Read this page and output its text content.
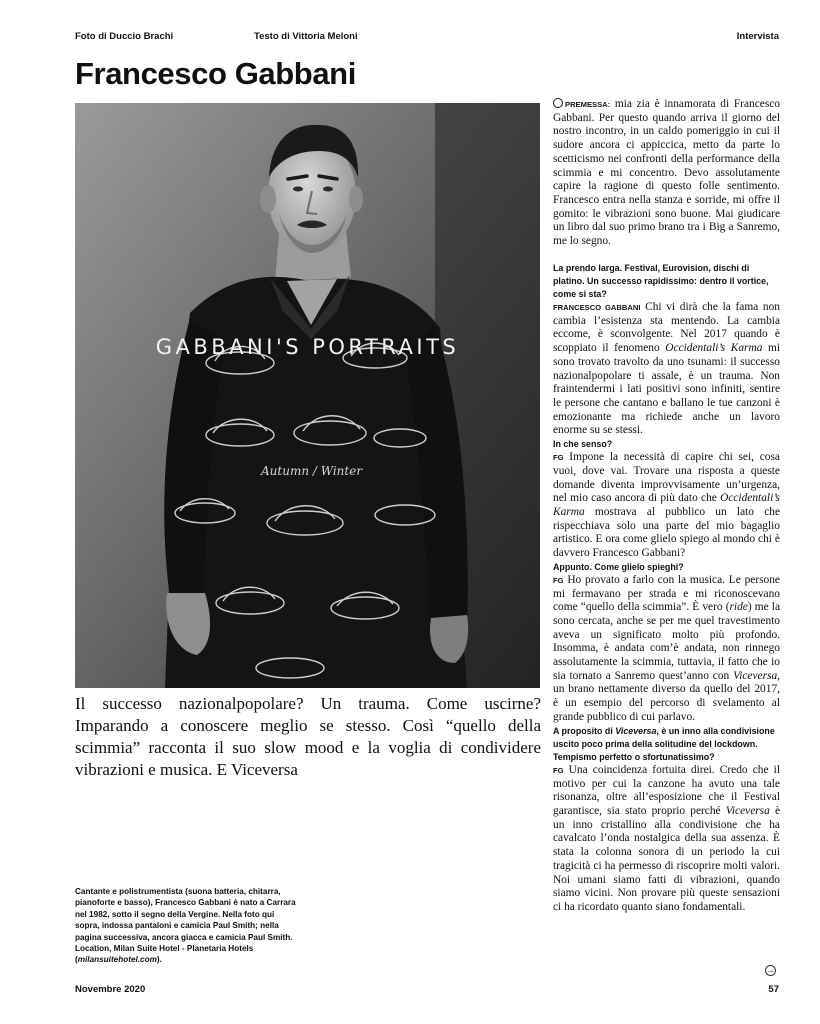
Foto di Duccio Brachi	Testo di Vittoria Meloni	Intervista
Francesco Gabbani
Autumn / Winter
GABBANI'S PORTRAITS
Il successo nazionalpopolare? Un trauma. Come uscirne? Imparando a conoscere meglio se stesso. Così “quello della scimmia” racconta il suo slow mood e la voglia di condividere vibrazioni e musica. E Viceversa
Cantante e polistrumentista (suona batteria, chitarra, pianoforte e basso), Francesco Gabbani è nato a Carrara nel 1982, sotto il segno della Vergine. Nella foto qui sopra, indossa pantaloni e camicia Paul Smith; nella pagina successiva, ancora giacca e camicia Paul Smith. Location, Milan Suite Hotel - Planetaria Hotels (milansuitehotel.com).

PREMESSA: mia zia è innamorata di Francesco Gabbani. Per questo quando arriva il giorno del nostro incontro, in un caldo pomeriggio in cui il sudore ancora ci appiccica, metto da parte lo scetticismo nei confronti della performance della scimmia e mi concentro. Devo assolutamente capire la ragione di questo folle sentimento. Francesco entra nella stanza e sorride, mi offre il gomito: le vibrazioni sono buone. Mai giudicare un libro dal suo primo brano tra i Big a Sanremo, me lo segno.

La prendo larga. Festival, Eurovision, dischi di platino. Un successo rapidissimo: dentro il vortice, come si sta?

FRANCESCO GABBANI Chi vi dirà che la fama non cambia l’esistenza sta mentendo. La cambia eccome, è sconvolgente. Nel 2017 quando è scoppiato il fenomeno Occidentali’s Karma mi sono trovato travolto da uno tsunami: il successo nazionalpopolare ti assale, è un trauma. Non fraintendermi i lati positivi sono infiniti, sentire le persone che cantano e ballano le tue canzoni è emozionante ma richiede anche un lavoro enorme su se stessi.

In che senso?

FG Impone la necessità di capire chi sei, cosa vuoi, dove vai. Trovare una risposta a queste domande diventa improvvisamente un’urgenza, nel mio caso ancora di più dato che Occidentali’s Karma mostrava al pubblico un lato che rispecchiava solo una parte del mio bagaglio artistico. E ora come glielo spiego al mondo chi è davvero Francesco Gabbani?

Appunto. Come glielo spieghi?

FG Ho provato a farlo con la musica. Le persone mi fermavano per strada e mi riconoscevano come “quello della scimmia”. È vero (ride) me la sono cercata, anche se per me quel travestimento aveva un significato molto più profondo. Insomma, è andata com’è andata, non rinnego assolutamente la scimmia, tuttavia, il fatto che io sia tornato a Sanremo quest’anno con Viceversa, un brano nettamente diverso da quello del 2017, è un esempio del percorso di svelamento al grande pubblico di cui parlavo.

A proposito di Viceversa, è un inno alla condivisione uscito poco prima della solitudine del lockdown. Tempismo perfetto o sfortunatissimo?

FG Una coincidenza fortuita direi. Credo che il motivo per cui la canzone ha avuto una tale risonanza, oltre all’esposizione che il Festival garantisce, sia stato proprio perché Viceversa è un inno cristallino alla condivisione che ha cavalcato l’onda nostalgica della sua assenza. È stata la colonna sonora di un periodo la cui tragicità ci ha permesso di riscoprire molti valori. Noi umani siamo fatti di vibrazioni, quando siamo vicini. Non provare più queste sensazioni ci ha ricordato quanto siano fondamentali.

→
Novembre 2020	57
